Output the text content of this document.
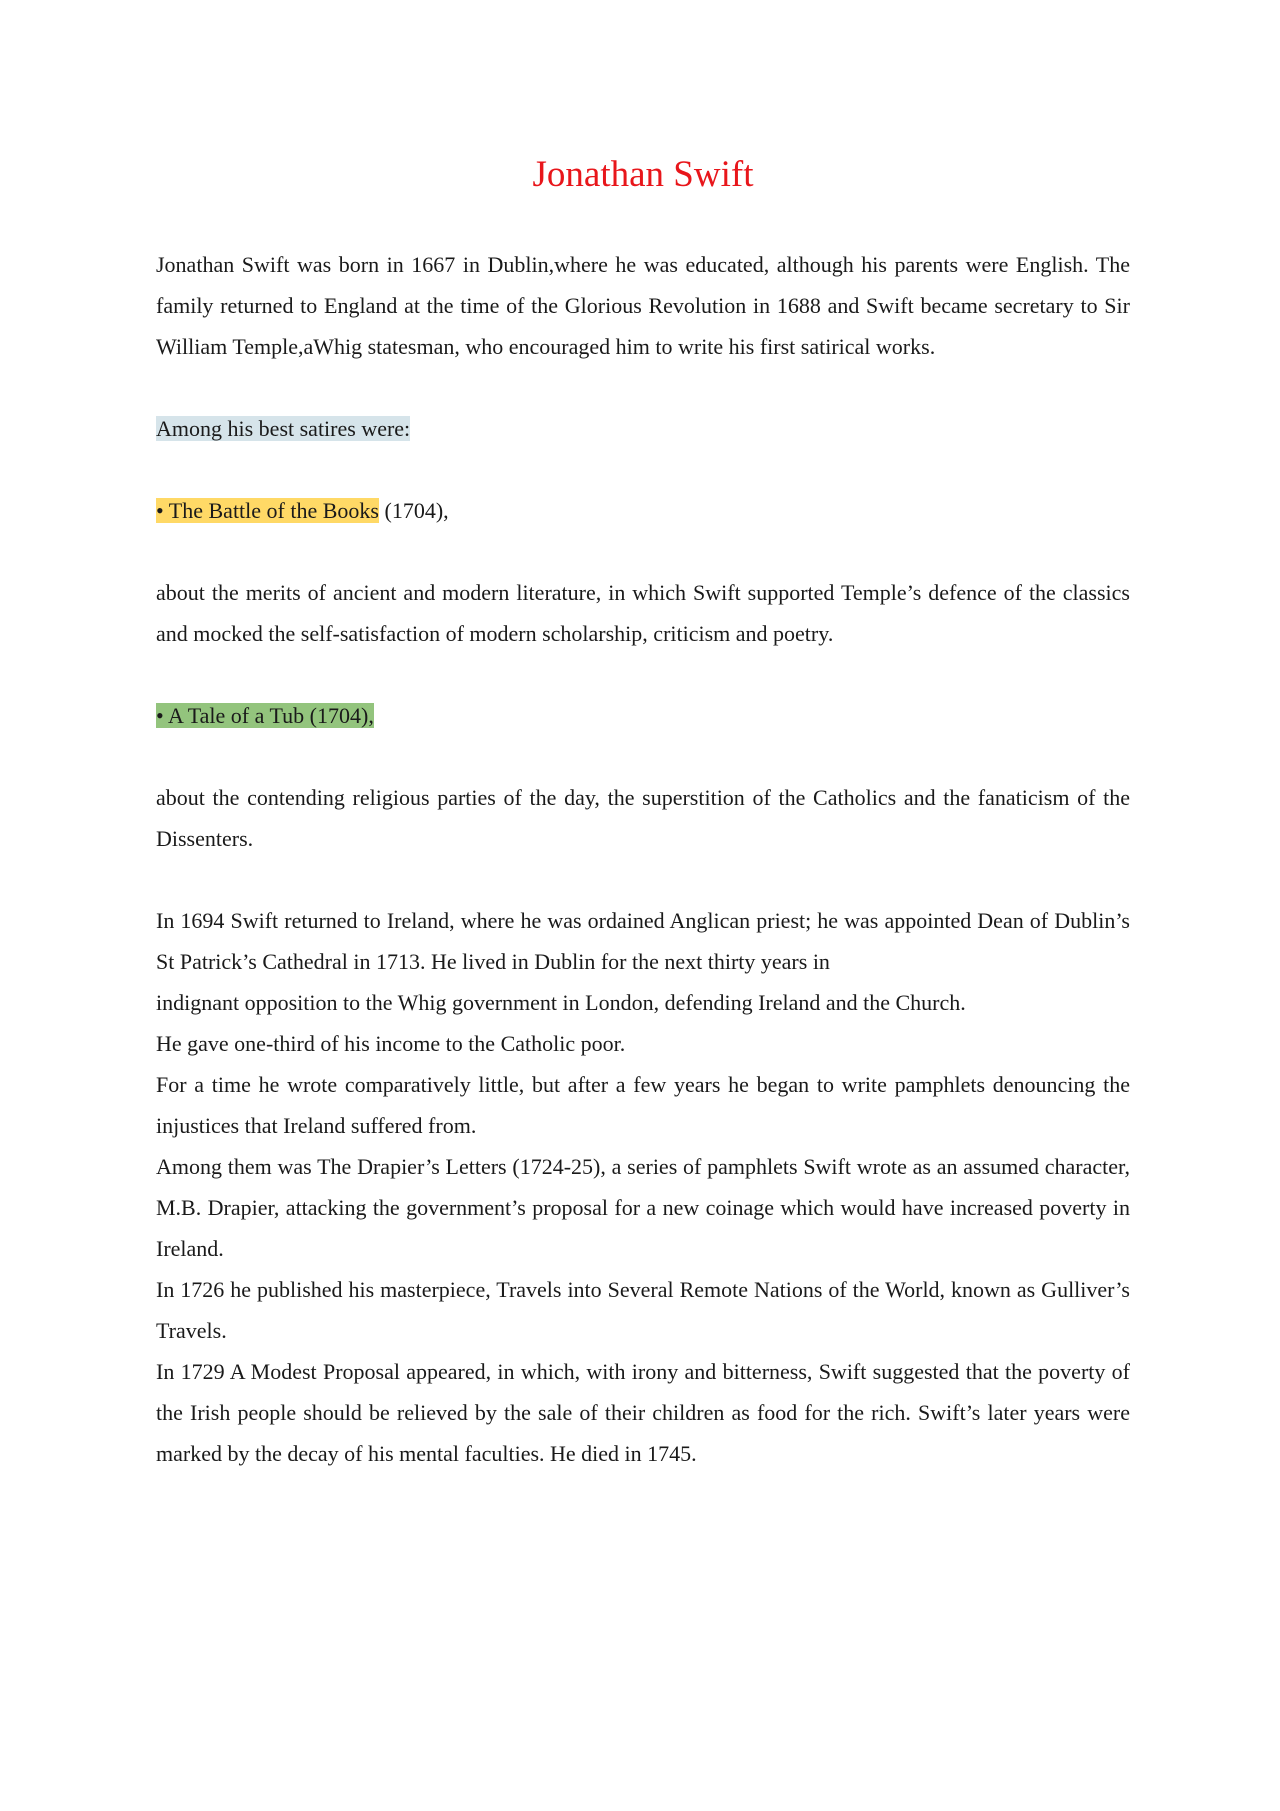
Jonathan Swift

Jonathan Swift was born in 1667 in Dublin,where he was educated, although his parents were English. The family returned to England at the time of the Glorious Revolution in 1688 and Swift became secretary to Sir William Temple,aWhig statesman, who encouraged him to write his first satirical works.

Among his best satires were:

• The Battle of the Books (1704),

about the merits of ancient and modern literature, in which Swift supported Temple’s defence of the classics and mocked the self-satisfaction of modern scholarship, criticism and poetry.

• A Tale of a Tub (1704),

about the contending religious parties of the day, the superstition of the Catholics and the fanaticism of the Dissenters.

In 1694 Swift returned to Ireland, where he was ordained Anglican priest; he was appointed Dean of Dublin’s St Patrick’s Cathedral in 1713. He lived in Dublin for the next thirty years in

indignant opposition to the Whig government in London, defending Ireland and the Church.

He gave one-third of his income to the Catholic poor.

For a time he wrote comparatively little, but after a few years he began to write pamphlets denouncing the injustices that Ireland suffered from.

Among them was The Drapier’s Letters (1724-25), a series of pamphlets Swift wrote as an assumed character, M.B. Drapier, attacking the government’s proposal for a new coinage which would have increased poverty in Ireland.

In 1726 he published his masterpiece, Travels into Several Remote Nations of the World, known as Gulliver’s Travels.

In 1729 A Modest Proposal appeared, in which, with irony and bitterness, Swift suggested that the poverty of the Irish people should be relieved by the sale of their children as food for the rich. Swift’s later years were marked by the decay of his mental faculties. He died in 1745.
